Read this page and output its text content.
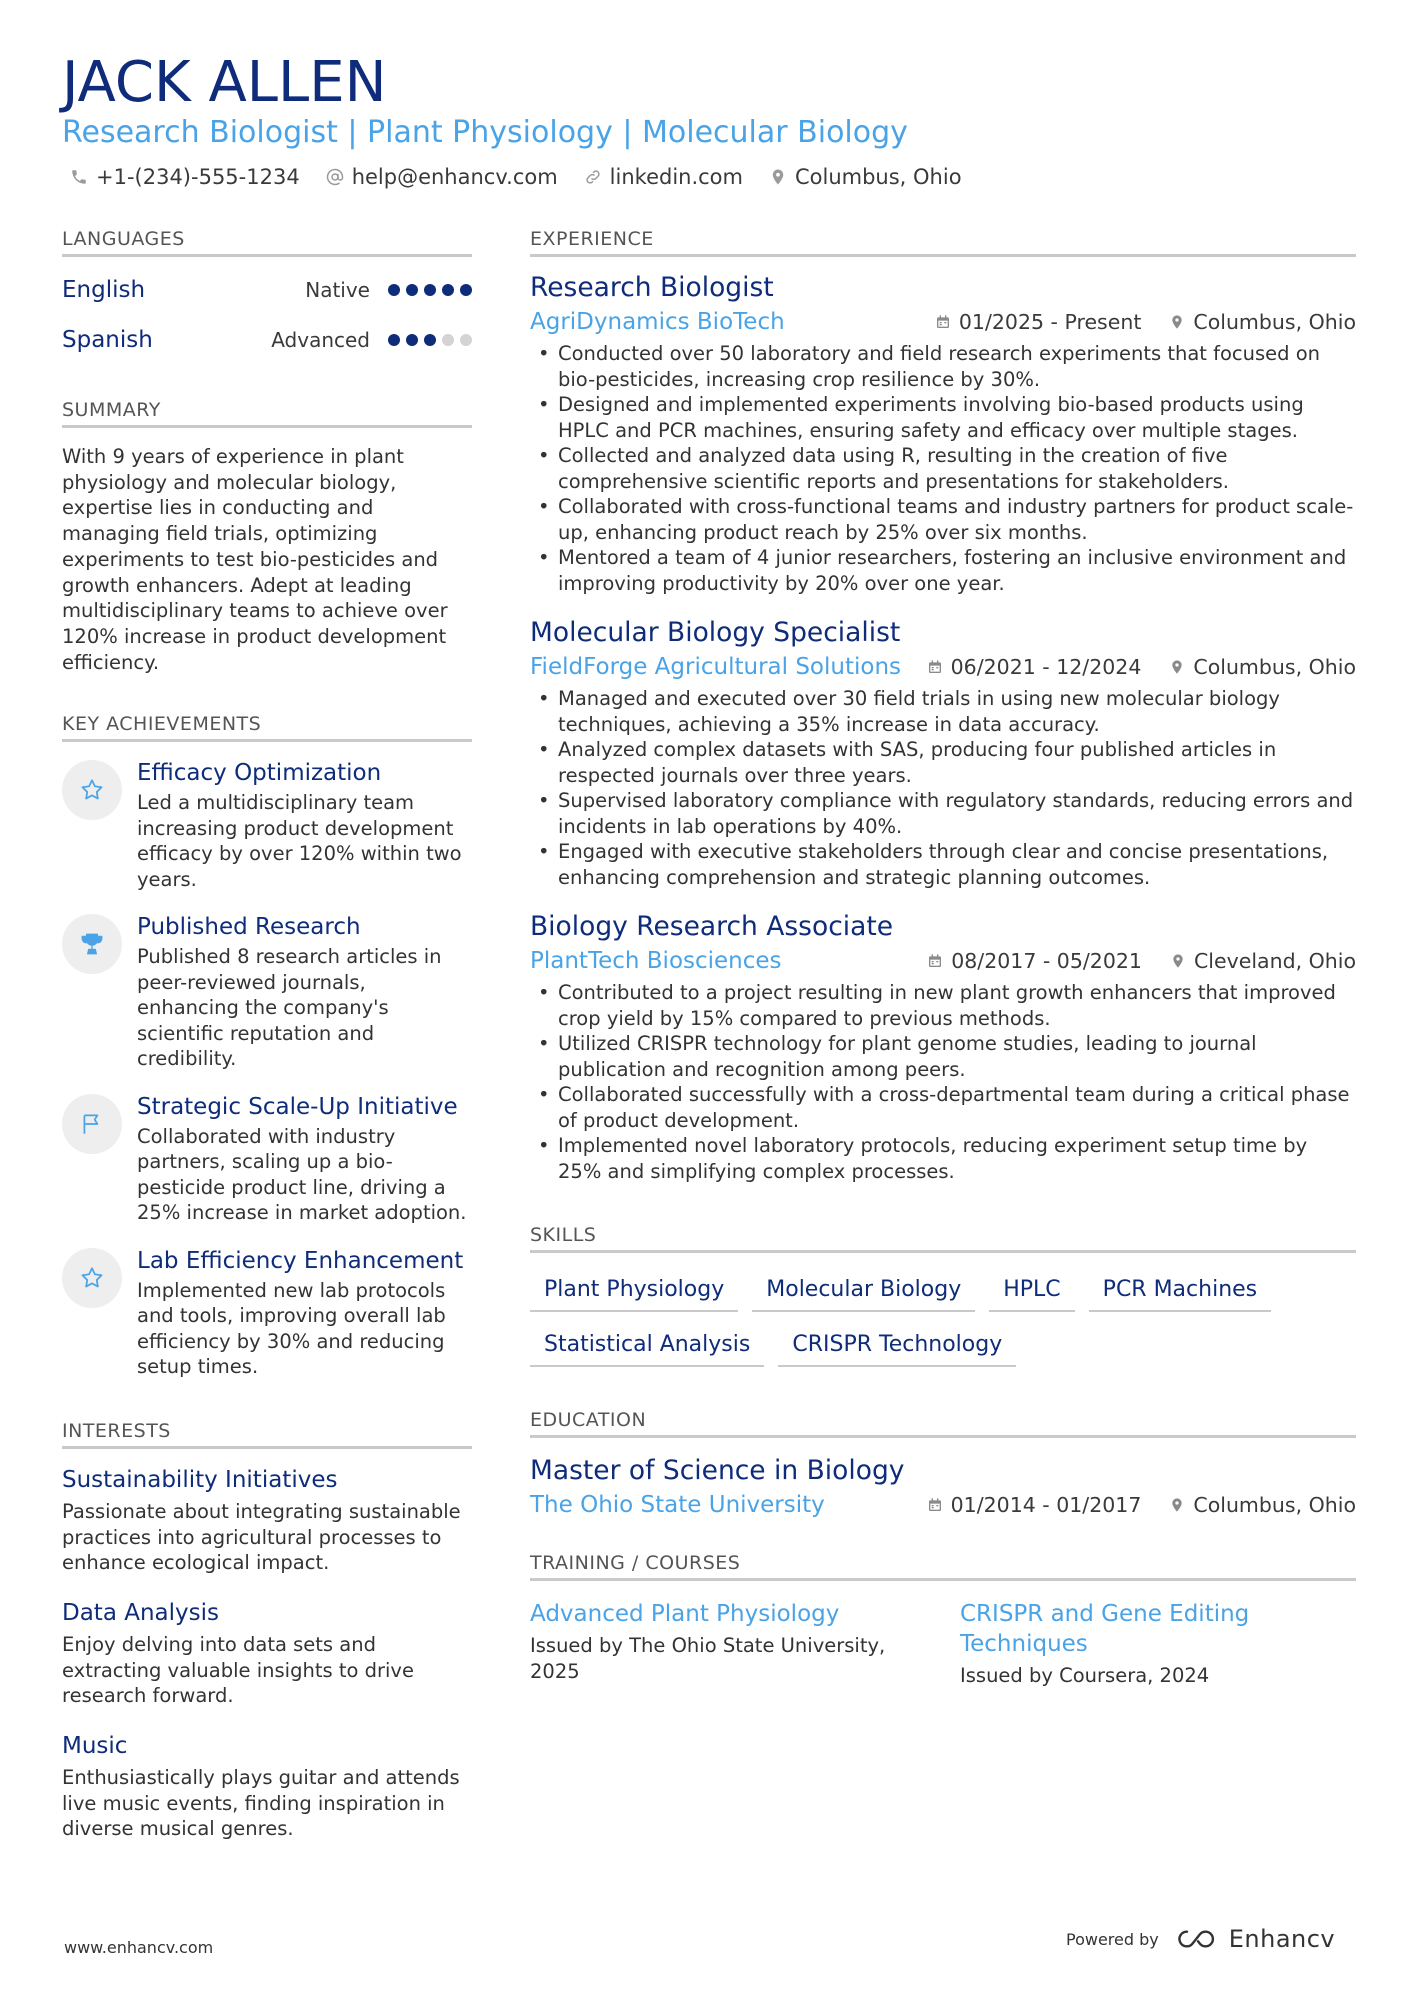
JACK ALLEN
Research Biologist | Plant Physiology | Molecular Biology
+1-(234)-555-1234 help@enhancv.com linkedin.com Columbus, Ohio
LANGUAGES
English	Native
Spanish	Advanced
SUMMARY
With 9 years of experience in plant physiology and molecular biology, expertise lies in conducting and managing field trials, optimizing experiments to test bio-pesticides and growth enhancers. Adept at leading multidisciplinary teams to achieve over 120% increase in product development efficiency.
KEY ACHIEVEMENTS
Efficacy Optimization
Led a multidisciplinary team increasing product development efficacy by over 120% within two years.
Published Research
Published 8 research articles in peer-reviewed journals, enhancing the company's scientific reputation and credibility.
Strategic Scale-Up Initiative
Collaborated with industry partners, scaling up a bio-pesticide product line, driving a 25% increase in market adoption.
Lab Efficiency Enhancement
Implemented new lab protocols and tools, improving overall lab efficiency by 30% and reducing setup times.
INTERESTS
Sustainability Initiatives
Passionate about integrating sustainable practices into agricultural processes to enhance ecological impact.
Data Analysis
Enjoy delving into data sets and extracting valuable insights to drive research forward.
Music
Enthusiastically plays guitar and attends live music events, finding inspiration in diverse musical genres.
EXPERIENCE
Research Biologist
AgriDynamics BioTech	01/2025 - Present	Columbus, Ohio
• Conducted over 50 laboratory and field research experiments that focused on bio-pesticides, increasing crop resilience by 30%.
• Designed and implemented experiments involving bio-based products using HPLC and PCR machines, ensuring safety and efficacy over multiple stages.
• Collected and analyzed data using R, resulting in the creation of five comprehensive scientific reports and presentations for stakeholders.
• Collaborated with cross-functional teams and industry partners for product scale-up, enhancing product reach by 25% over six months.
• Mentored a team of 4 junior researchers, fostering an inclusive environment and improving productivity by 20% over one year.
Molecular Biology Specialist
FieldForge Agricultural Solutions	06/2021 - 12/2024	Columbus, Ohio
• Managed and executed over 30 field trials in using new molecular biology techniques, achieving a 35% increase in data accuracy.
• Analyzed complex datasets with SAS, producing four published articles in respected journals over three years.
• Supervised laboratory compliance with regulatory standards, reducing errors and incidents in lab operations by 40%.
• Engaged with executive stakeholders through clear and concise presentations, enhancing comprehension and strategic planning outcomes.
Biology Research Associate
PlantTech Biosciences	08/2017 - 05/2021	Cleveland, Ohio
• Contributed to a project resulting in new plant growth enhancers that improved crop yield by 15% compared to previous methods.
• Utilized CRISPR technology for plant genome studies, leading to journal publication and recognition among peers.
• Collaborated successfully with a cross-departmental team during a critical phase of product development.
• Implemented novel laboratory protocols, reducing experiment setup time by 25% and simplifying complex processes.
SKILLS
Plant Physiology	Molecular Biology	HPLC	PCR Machines
Statistical Analysis	CRISPR Technology
EDUCATION
Master of Science in Biology
The Ohio State University	01/2014 - 01/2017	Columbus, Ohio
TRAINING / COURSES
Advanced Plant Physiology
Issued by The Ohio State University, 2025
CRISPR and Gene Editing Techniques
Issued by Coursera, 2024
www.enhancv.com	Powered by	Enhancv
